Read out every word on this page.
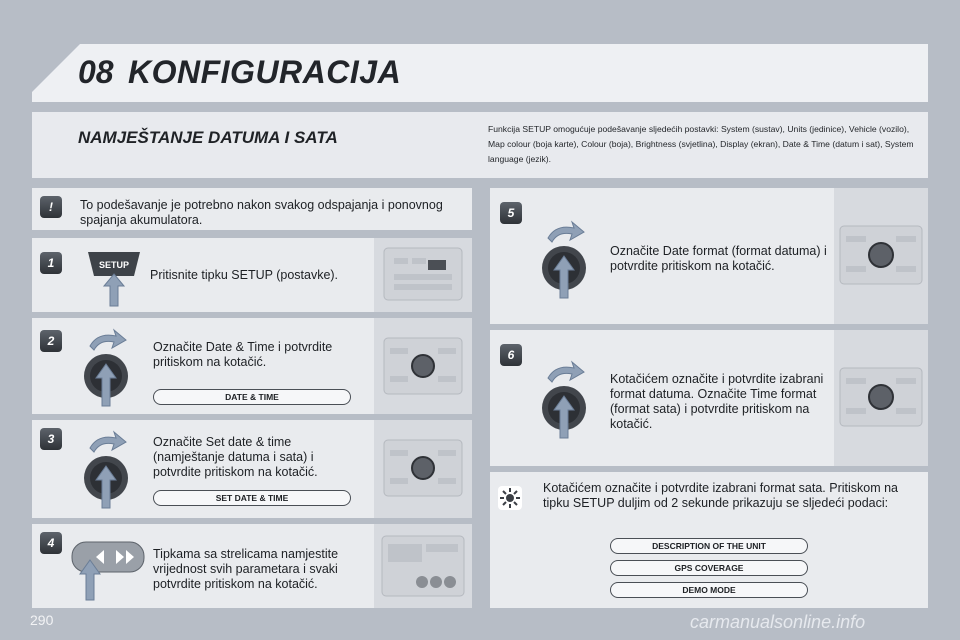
08 KONFIGURACIJA
NAMJEŠTANJE DATUMA I SATA	Funkcija SETUP omogućuje podešavanje sljedećih postavki: System (sustav), Units (jedinice), Vehicle (vozilo), Map colour (boja karte), Colour (boja), Brightness (svjetlina), Display (ekran), Date & Time (datum i sat), System language (jezik).
!	To podešavanje je potrebno nakon svakog odspajanja i ponovnog spajanja akumulatora.
1	SETUP
Pritisnite tipku SETUP (postavke).
2	Označite Date & Time i potvrdite pritiskom na kotačić.
DATE & TIME
3	Označite Set date & time (namještanje datuma i sata) i potvrdite pritiskom na kotačić.
SET DATE & TIME
4
Tipkama sa strelicama namjestite vrijednost svih parametara i svaki potvrdite pritiskom na kotačić.
5
Označite Date format (format datuma) i potvrdite pritiskom na kotačić.
6
Kotačićem označite i potvrdite izabrani format datuma. Označite Time format (format sata) i potvrdite pritiskom na kotačić.
Kotačićem označite i potvrdite izabrani format sata. Pritiskom na tipku SETUP duljim od 2 sekunde prikazuju se sljedeći podaci:
DESCRIPTION OF THE UNIT
GPS COVERAGE
DEMO MODE
290	carmanualsonline.info
